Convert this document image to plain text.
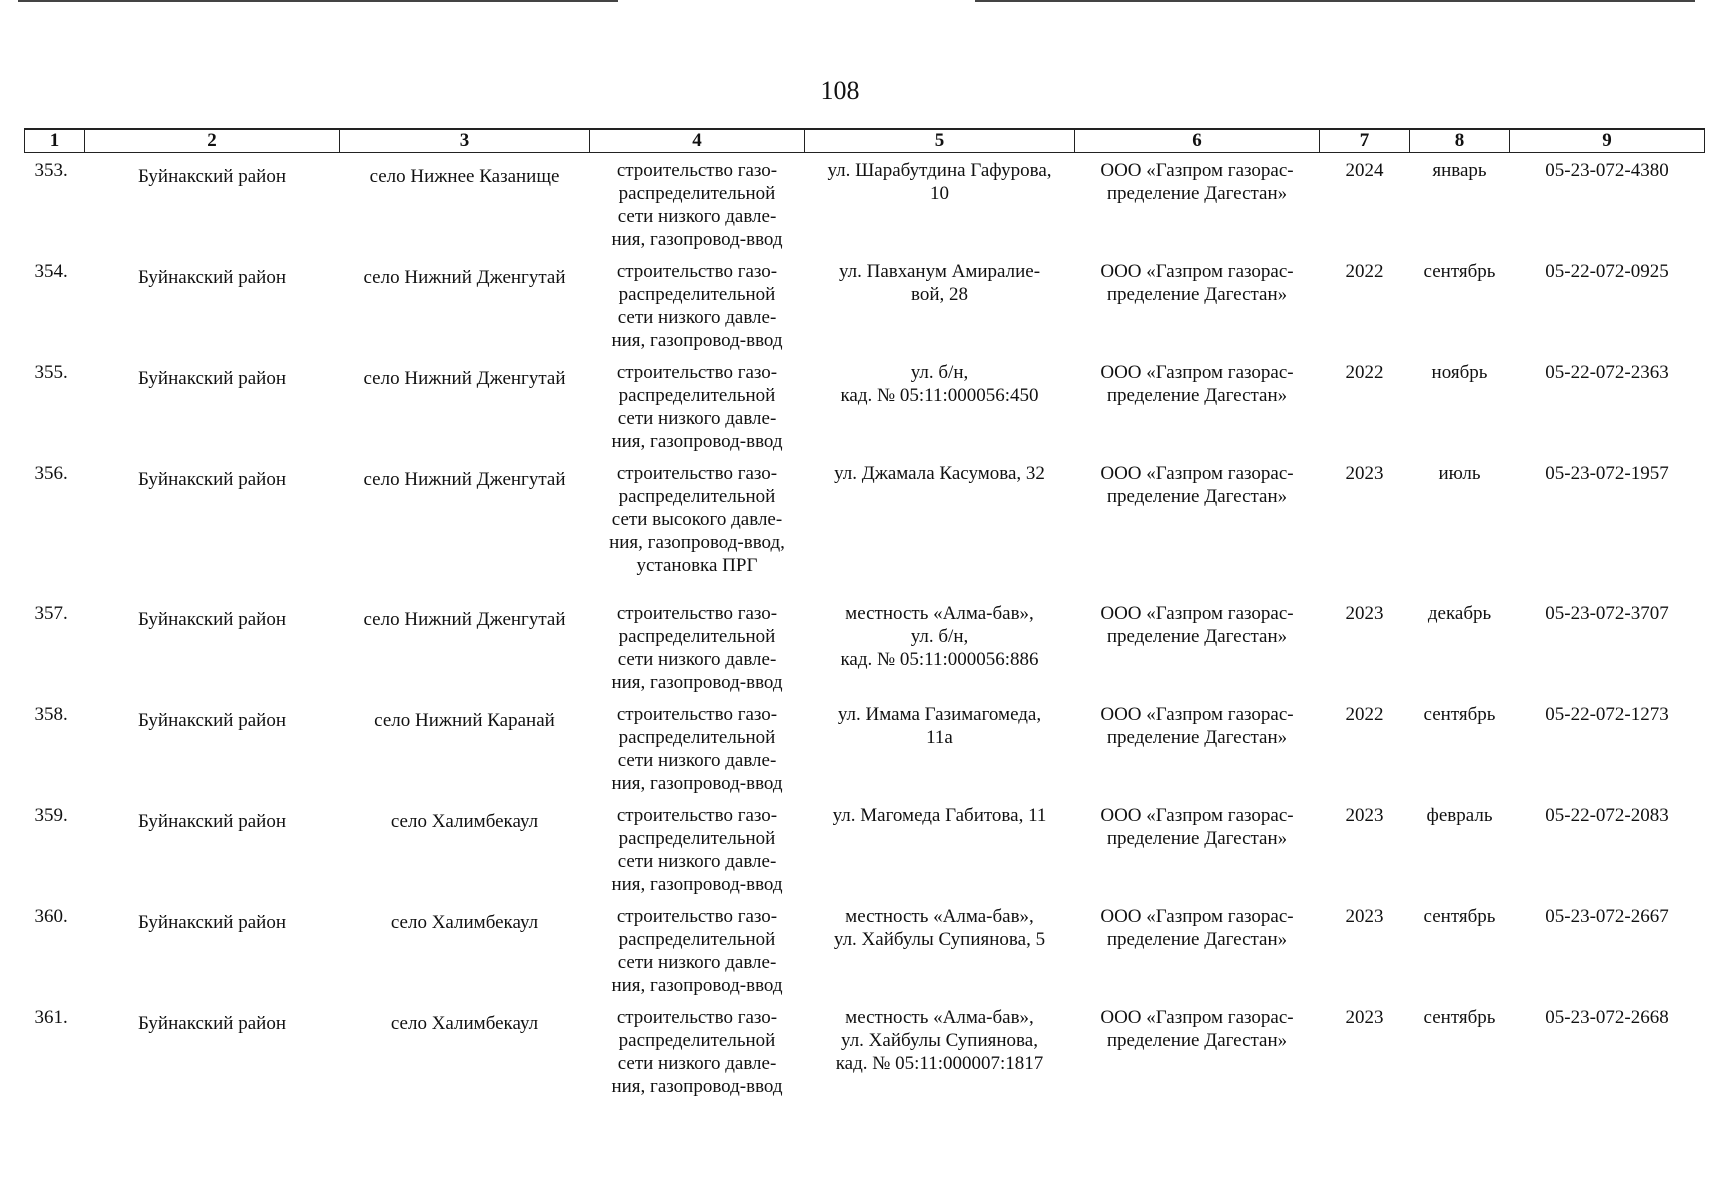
108
1	2	3	4	5	6	7	8	9
353.	Буйнакский район	село Нижнее Казанище	строительство газо-
распределительной
сети низкого давле-
ния, газопровод-ввод	ул. Шарабутдина Гафурова,
10	ООО «Газпром газорас-
пределение Дагестан»	2024	январь	05-23-072-4380
354.	Буйнакский район	село Нижний Дженгутай	строительство газо-
распределительной
сети низкого давле-
ния, газопровод-ввод	ул. Павханум Амиралие-
вой, 28	ООО «Газпром газорас-
пределение Дагестан»	2022	сентябрь	05-22-072-0925
355.	Буйнакский район	село Нижний Дженгутай	строительство газо-
распределительной
сети низкого давле-
ния, газопровод-ввод	ул. б/н,
кад. № 05:11:000056:450	ООО «Газпром газорас-
пределение Дагестан»	2022	ноябрь	05-22-072-2363
356.	Буйнакский район	село Нижний Дженгутай	строительство газо-
распределительной
сети высокого давле-
ния, газопровод-ввод,
установка ПРГ	ул. Джамала Касумова, 32	ООО «Газпром газорас-
пределение Дагестан»	2023	июль	05-23-072-1957
357.	Буйнакский район	село Нижний Дженгутай	строительство газо-
распределительной
сети низкого давле-
ния, газопровод-ввод	местность «Алма-бав»,
ул. б/н,
кад. № 05:11:000056:886	ООО «Газпром газорас-
пределение Дагестан»	2023	декабрь	05-23-072-3707
358.	Буйнакский район	село Нижний Каранай	строительство газо-
распределительной
сети низкого давле-
ния, газопровод-ввод	ул. Имама Газимагомеда,
11а	ООО «Газпром газорас-
пределение Дагестан»	2022	сентябрь	05-22-072-1273
359.	Буйнакский район	село Халимбекаул	строительство газо-
распределительной
сети низкого давле-
ния, газопровод-ввод	ул. Магомеда Габитова, 11	ООО «Газпром газорас-
пределение Дагестан»	2023	февраль	05-22-072-2083
360.	Буйнакский район	село Халимбекаул	строительство газо-
распределительной
сети низкого давле-
ния, газопровод-ввод	местность «Алма-бав»,
ул. Хайбулы Супиянова, 5	ООО «Газпром газорас-
пределение Дагестан»	2023	сентябрь	05-23-072-2667
361.	Буйнакский район	село Халимбекаул	строительство газо-
распределительной
сети низкого давле-
ния, газопровод-ввод	местность «Алма-бав»,
ул. Хайбулы Супиянова,
кад. № 05:11:000007:1817	ООО «Газпром газорас-
пределение Дагестан»	2023	сентябрь	05-23-072-2668
